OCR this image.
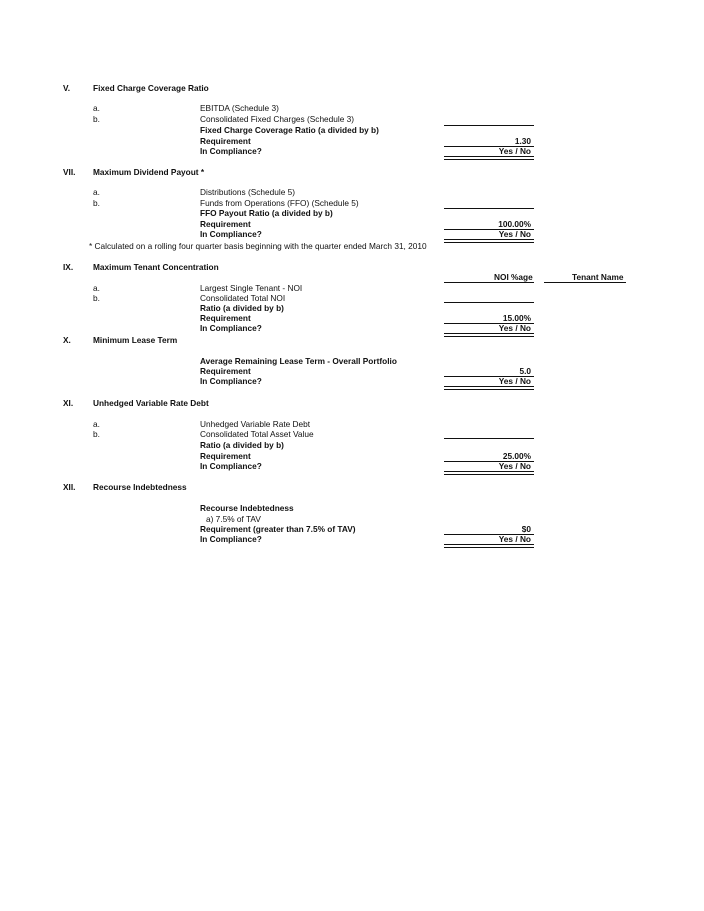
V.	Fixed Charge Coverage Ratio
a.	EBITDA (Schedule 3)
b.	Consolidated Fixed Charges (Schedule 3)
Fixed Charge Coverage Ratio (a divided by b)
Requirement	1.30
In Compliance?	Yes / No
VII. Maximum Dividend Payout *
a.	Distributions (Schedule 5)
b.	Funds from Operations (FFO) (Schedule 5)
FFO Payout Ratio (a divided by b)
Requirement	100.00%
In Compliance?	Yes / No
* Calculated on a rolling four quarter basis beginning with the quarter ended March 31, 2010
IX. Maximum Tenant Concentration
NOI %age	Tenant Name
a.	Largest Single Tenant - NOI
b.	Consolidated Total NOI
Ratio (a divided by b)
Requirement	15.00%
In Compliance?	Yes / No
X.	Minimum Lease Term
Average Remaining Lease Term - Overall Portfolio
Requirement	5.0
In Compliance?	Yes / No
XI. Unhedged Variable Rate Debt
a.	Unhedged Variable Rate Debt
b.	Consolidated Total Asset Value
Ratio (a divided by b)
Requirement	25.00%
In Compliance?	Yes / No
XII. Recourse Indebtedness
Recourse Indebtedness
a) 7.5% of TAV
Requirement (greater than 7.5% of TAV)	$0
In Compliance?	Yes / No
